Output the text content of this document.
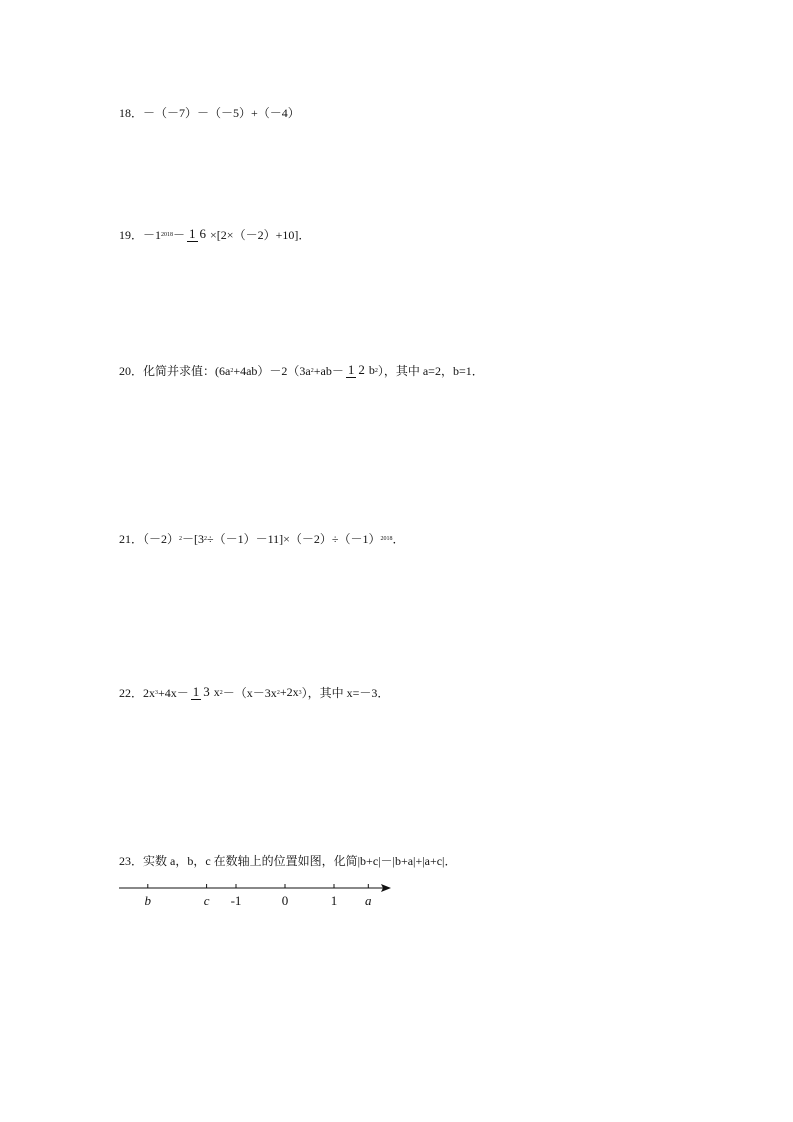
18．－（－7）－（－5）+（－4）
19．－1 2018 － 1 6 ×[2×（－2）+10]．
20．化简并求值：(6a 2 +4ab）－2（3a 2 +ab－ 1 2 b 2 ），其中 a=2，b=1．
21．（－2） 2 －[3 2 ÷（－1）－11]×（－2）÷（－1） 2018 ．
22．2x 3 +4x－ 1 3 x 2 －（x－3x 2 +2x 3 ），其中 x=－3．
23．实数 a，b，c 在数轴上的位置如图，化简|b+c|－|b+a|+|a+c|．
b	c -1	0	1 a
